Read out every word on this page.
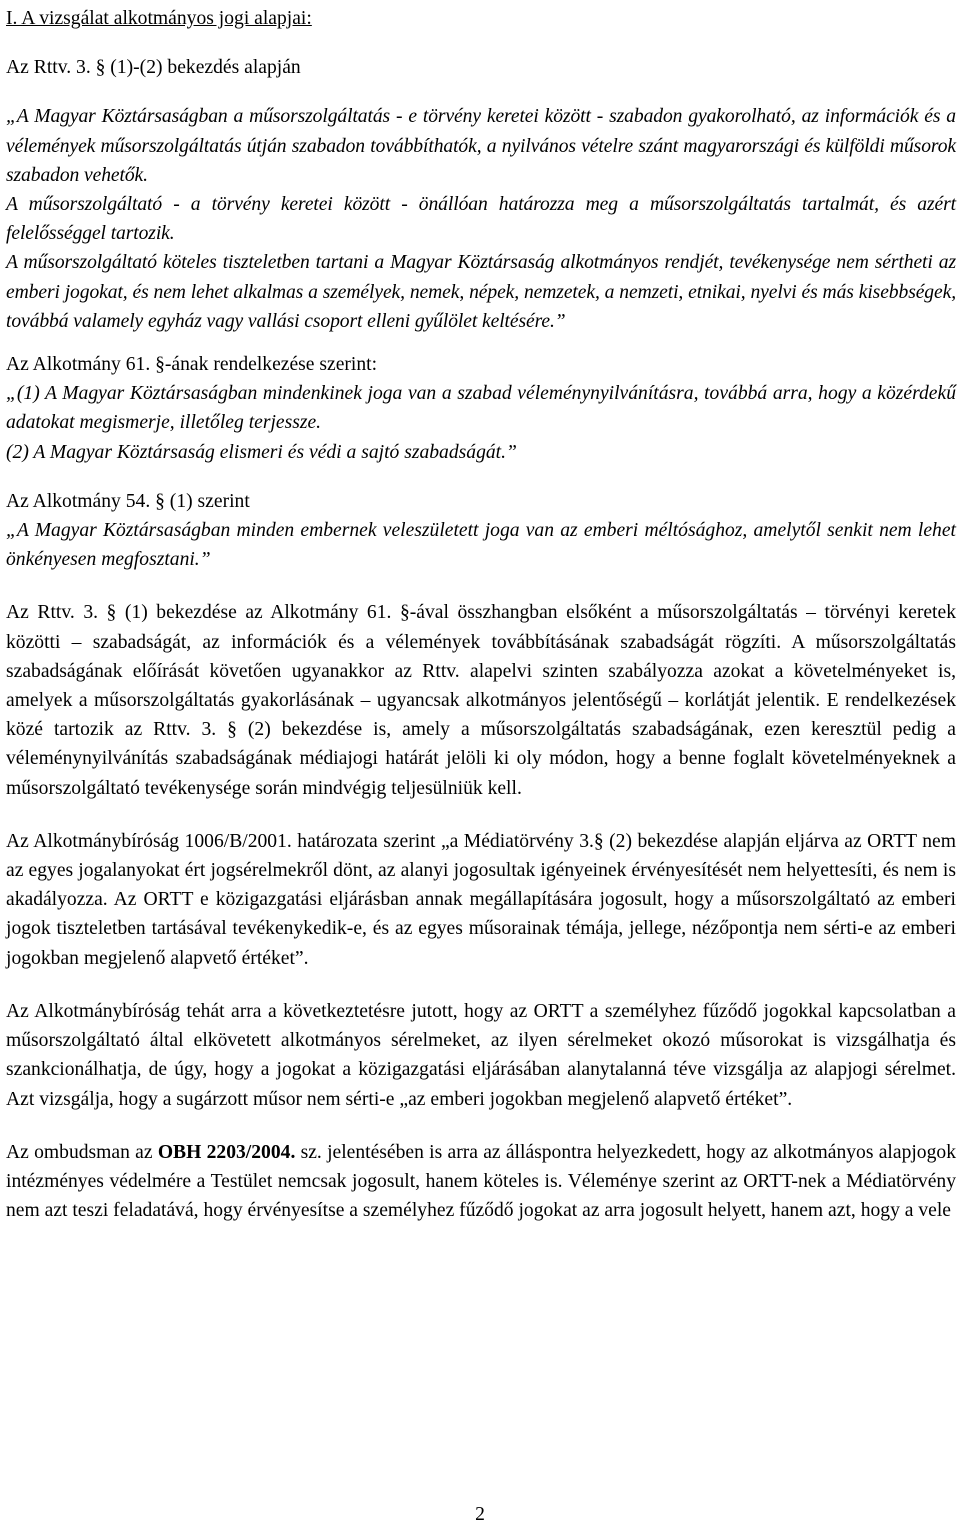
I. A vizsgálat alkotmányos jogi alapjai:

Az Rttv. 3. § (1)-(2) bekezdés alapján

„A Magyar Köztársaságban a műsorszolgáltatás - e törvény keretei között - szabadon gyakorolható, az információk és a vélemények műsorszolgáltatás útján szabadon továbbíthatók, a nyilvános vételre szánt magyarországi és külföldi műsorok szabadon vehetők.

A műsorszolgáltató - a törvény keretei között - önállóan határozza meg a műsorszolgáltatás tartalmát, és azért felelősséggel tartozik.

A műsorszolgáltató köteles tiszteletben tartani a Magyar Köztársaság alkotmányos rendjét, tevékenysége nem sértheti az emberi jogokat, és nem lehet alkalmas a személyek, nemek, népek, nemzetek, a nemzeti, etnikai, nyelvi és más kisebbségek, továbbá valamely egyház vagy vallási csoport elleni gyűlölet keltésére.”

Az Alkotmány 61. §-ának rendelkezése szerint:

„(1) A Magyar Köztársaságban mindenkinek joga van a szabad véleménynyilvánításra, továbbá arra, hogy a közérdekű adatokat megismerje, illetőleg terjessze.

(2) A Magyar Köztársaság elismeri és védi a sajtó szabadságát.”

Az Alkotmány 54. § (1) szerint

„A Magyar Köztársaságban minden embernek veleszületett joga van az emberi méltósághoz, amelytől senkit nem lehet önkényesen megfosztani.”

Az Rttv. 3. § (1) bekezdése az Alkotmány 61. §-ával összhangban elsőként a műsorszolgáltatás – törvényi keretek közötti – szabadságát, az információk és a vélemények továbbításának szabadságát rögzíti. A műsorszolgáltatás szabadságának előírását követően ugyanakkor az Rttv. alapelvi szinten szabályozza azokat a követelményeket is, amelyek a műsorszolgáltatás gyakorlásának – ugyancsak alkotmányos jelentőségű – korlátját jelentik. E rendelkezések közé tartozik az Rttv. 3. § (2) bekezdése is, amely a műsorszolgáltatás szabadságának, ezen keresztül pedig a véleménynyilvánítás szabadságának médiajogi határát jelöli ki oly módon, hogy a benne foglalt követelményeknek a műsorszolgáltató tevékenysége során mindvégig teljesülniük kell.

Az Alkotmánybíróság 1006/B/2001. határozata szerint „a Médiatörvény 3.§ (2) bekezdése alapján eljárva az ORTT nem az egyes jogalanyokat ért jogsérelmekről dönt, az alanyi jogosultak igényeinek érvényesítését nem helyettesíti, és nem is akadályozza. Az ORTT e közigazgatási eljárásban annak megállapítására jogosult, hogy a műsorszolgáltató az emberi jogok tiszteletben tartásával tevékenykedik-e, és az egyes műsorainak témája, jellege, nézőpontja nem sérti-e az emberi jogokban megjelenő alapvető értéket”.

Az Alkotmánybíróság tehát arra a következtetésre jutott, hogy az ORTT a személyhez fűződő jogokkal kapcsolatban a műsorszolgáltató által elkövetett alkotmányos sérelmeket, az ilyen sérelmeket okozó műsorokat is vizsgálhatja és szankcionálhatja, de úgy, hogy a jogokat a közigazgatási eljárásában alanytalanná téve vizsgálja az alapjogi sérelmet. Azt vizsgálja, hogy a sugárzott műsor nem sérti-e „az emberi jogokban megjelenő alapvető értéket”.

Az ombudsman az OBH 2203/2004. sz. jelentésében is arra az álláspontra helyezkedett, hogy az alkotmányos alapjogok intézményes védelmére a Testület nemcsak jogosult, hanem köteles is. Véleménye szerint az ORTT-nek a Médiatörvény nem azt teszi feladatává, hogy érvényesítse a személyhez fűződő jogokat az arra jogosult helyett, hanem azt, hogy a vele

2
